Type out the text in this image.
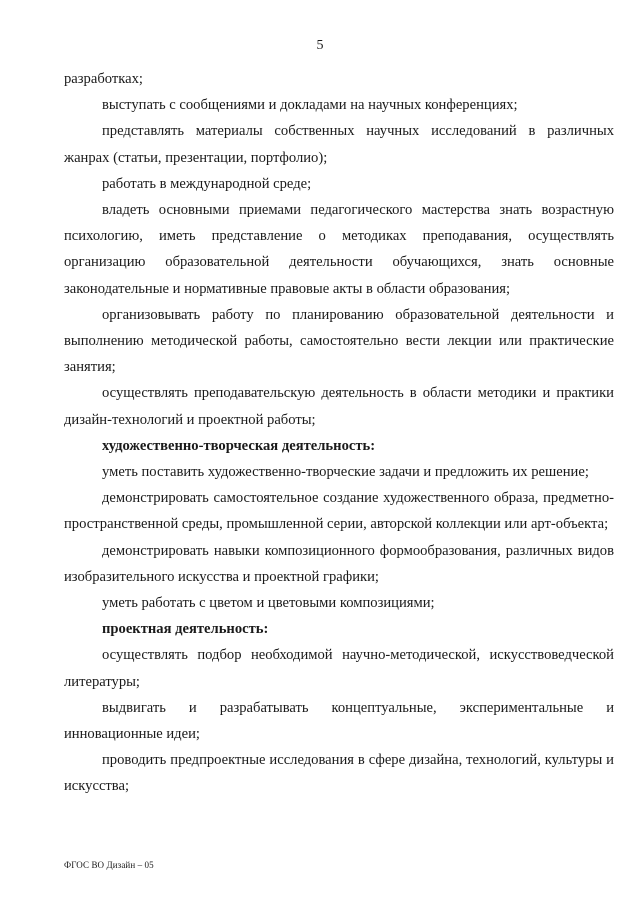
5

разработках;

выступать с сообщениями и докладами на научных конференциях;

представлять материалы собственных научных исследований в различных жанрах (статьи, презентации, портфолио);

работать в международной среде;

владеть основными приемами педагогического мастерства знать возрастную психологию, иметь представление о методиках преподавания, осуществлять организацию образовательной деятельности обучающихся, знать основные законодательные и нормативные правовые акты в области образования;

организовывать работу по планированию образовательной деятельности и выполнению методической работы, самостоятельно вести лекции или практические занятия;

осуществлять преподавательскую деятельность в области методики и практики дизайн-технологий и проектной работы;

художественно-творческая деятельность:

уметь поставить художественно-творческие задачи и предложить их решение;

демонстрировать самостоятельное создание художественного образа, предметно-пространственной среды, промышленной серии, авторской коллекции или арт-объекта;

демонстрировать навыки композиционного формообразования, различных видов изобразительного искусства и проектной графики;

уметь работать с цветом и цветовыми композициями;

проектная деятельность:

осуществлять подбор необходимой научно-методической, искусствоведческой литературы;

выдвигать и разрабатывать концептуальные, экспериментальные и инновационные идеи;

проводить предпроектные исследования в сфере дизайна, технологий, культуры и искусства;

ФГОС ВО Дизайн – 05
